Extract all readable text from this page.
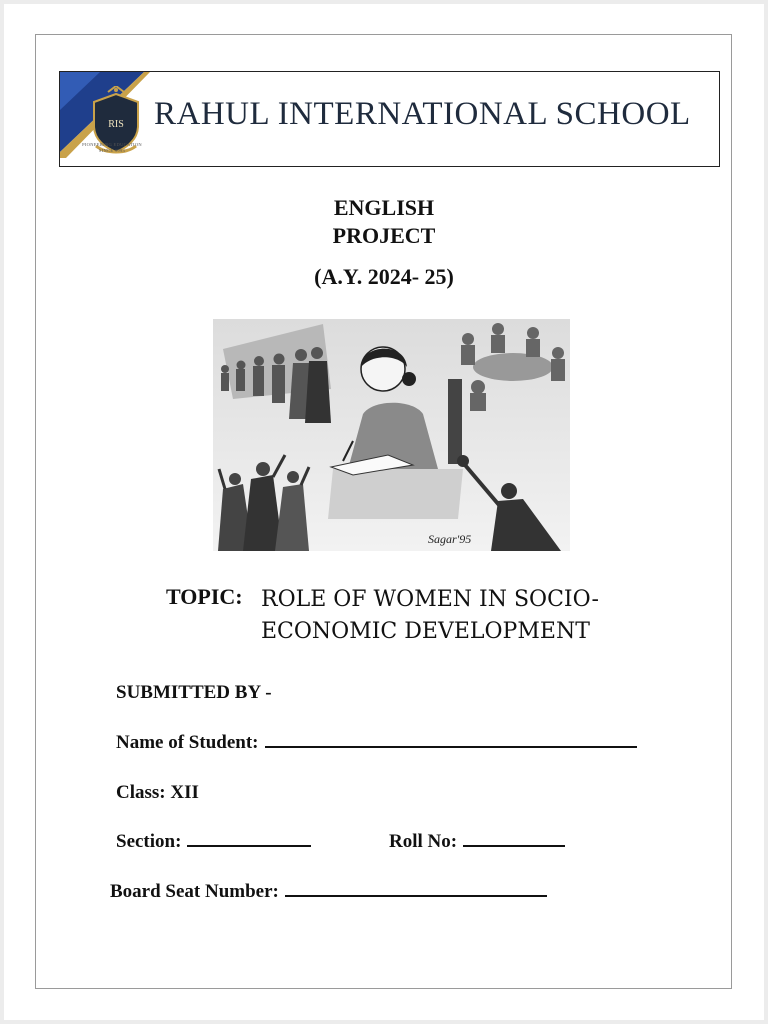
RIS
PIONEERING EDUCATION
SINCE 1993
RAHUL INTERNATIONAL SCHOOL
ENGLISH
PROJECT
(A.Y. 2024- 25)
Sagar'95
TOPIC: ROLE OF WOMEN IN SOCIO-
ECONOMIC DEVELOPMENT
SUBMITTED BY -
Name of Student:
Class: XII
Section:	Roll No:
Board Seat Number:
